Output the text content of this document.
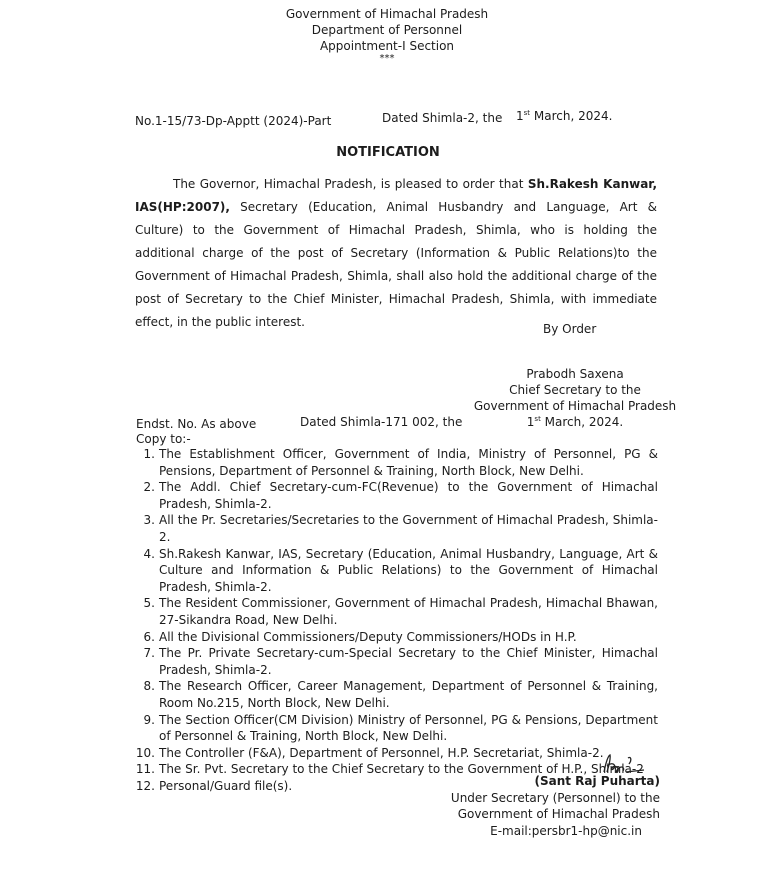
Government of Himachal Pradesh
Department of Personnel
Appointment-I Section
***
No.1-15/73-Dp-Apptt (2024)-Part	Dated Shimla-2, the 1st March, 2024.
NOTIFICATION
The Governor, Himachal Pradesh, is pleased to order that Sh.Rakesh Kanwar, IAS(HP:2007), Secretary (Education, Animal Husbandry and Language, Art & Culture) to the Government of Himachal Pradesh, Shimla, who is holding the additional charge of the post of Secretary (Information & Public Relations)to the Government of Himachal Pradesh, Shimla, shall also hold the additional charge of the post of Secretary to the Chief Minister, Himachal Pradesh, Shimla, with immediate effect, in the public interest.	By Order
Prabodh Saxena
Chief Secretary to the
Government of Himachal Pradesh
1st March, 2024.
Endst. No. As above	Dated Shimla-171 002, the
Copy to:-
1. The Establishment Officer, Government of India, Ministry of Personnel, PG & Pensions, Department of Personnel & Training, North Block, New Delhi.
2. The Addl. Chief Secretary-cum-FC(Revenue) to the Government of Himachal Pradesh, Shimla-2.
3. All the Pr. Secretaries/Secretaries to the Government of Himachal Pradesh, Shimla-2.
4. Sh.Rakesh Kanwar, IAS, Secretary (Education, Animal Husbandry, Language, Art & Culture and Information & Public Relations) to the Government of Himachal Pradesh, Shimla-2.
5. The Resident Commissioner, Government of Himachal Pradesh, Himachal Bhawan, 27-Sikandra Road, New Delhi.
6. All the Divisional Commissioners/Deputy Commissioners/HODs in H.P.
7. The Pr. Private Secretary-cum-Special Secretary to the Chief Minister, Himachal Pradesh, Shimla-2.
8. The Research Officer, Career Management, Department of Personnel & Training, Room No.215, North Block, New Delhi.
9. The Section Officer(CM Division) Ministry of Personnel, PG & Pensions, Department of Personnel & Training, North Block, New Delhi.
10. The Controller (F&A), Department of Personnel, H.P. Secretariat, Shimla-2.
11. The Sr. Pvt. Secretary to the Chief Secretary to the Government of H.P., Shimla-2
12. Personal/Guard file(s).	(Sant Raj Puharta)
Under Secretary (Personnel) to the
Government of Himachal Pradesh
E-mail:persbr1-hp@nic.in
